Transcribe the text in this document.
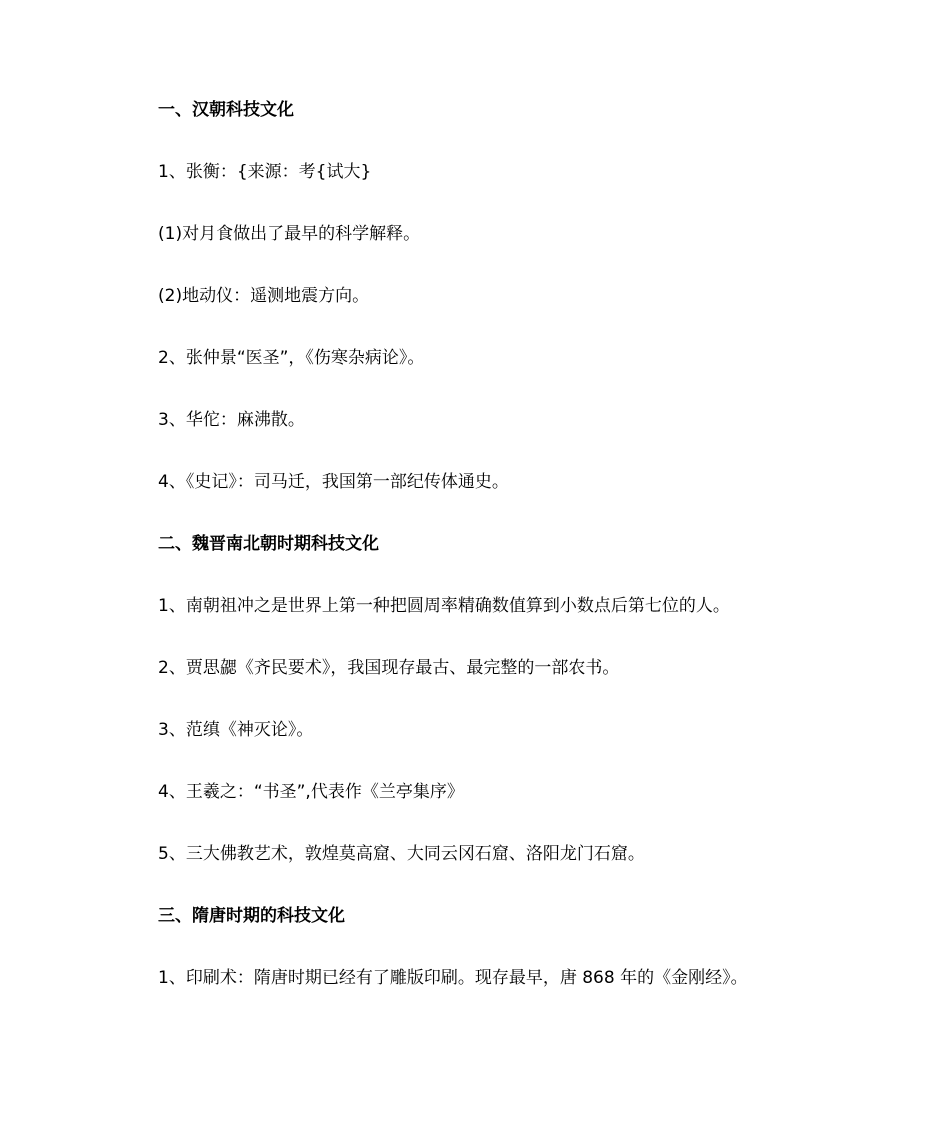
一、汉朝科技文化
1、张衡：{来源：考{试大}
(1)对月食做出了最早的科学解释。
(2)地动仪：遥测地震方向。
2、张仲景“医圣”，《伤寒杂病论》。
3、华佗：麻沸散。
4、《史记》：司马迁，我国第一部纪传体通史。
二、魏晋南北朝时期科技文化
1、南朝祖冲之是世界上第一种把圆周率精确数值算到小数点后第七位的人。
2、贾思勰《齐民要术》，我国现存最古、最完整的一部农书。
3、范缜《神灭论》。
4、王羲之：“书圣”,代表作《兰亭集序》
5、三大佛教艺术，敦煌莫高窟、大同云冈石窟、洛阳龙门石窟。
三、隋唐时期的科技文化
1、印刷术：隋唐时期已经有了雕版印刷。现存最早，唐 868 年的《金刚经》。
